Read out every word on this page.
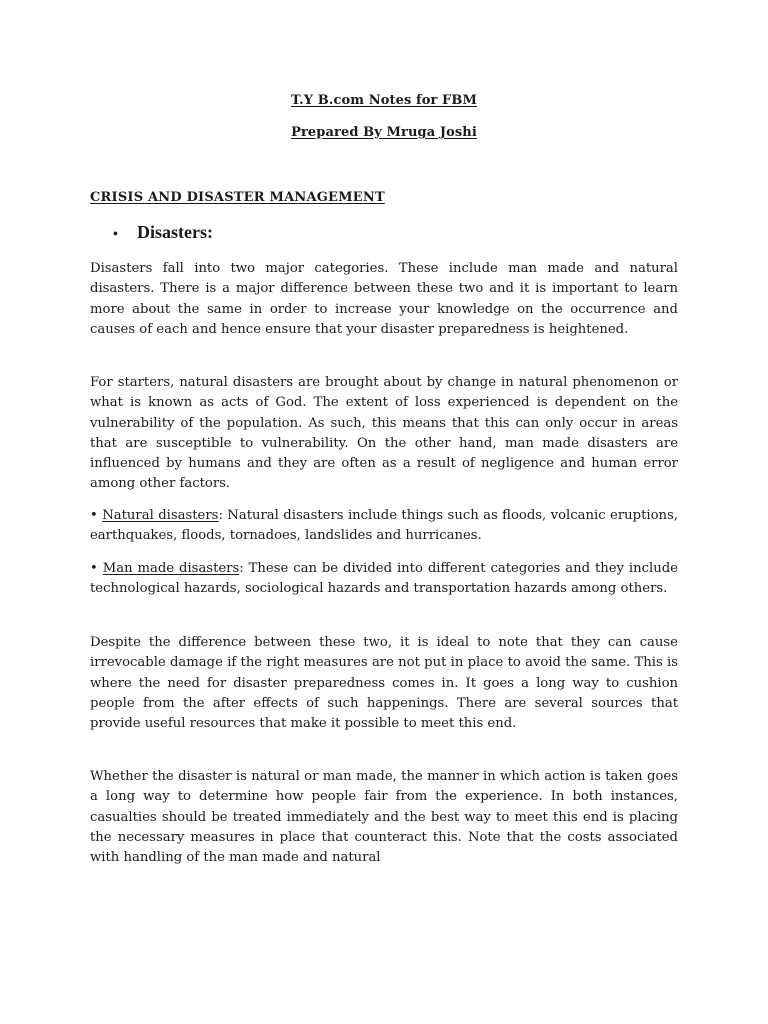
T.Y B.com Notes for FBM
Prepared By Mruga Joshi
CRISIS AND DISASTER MANAGEMENT
• Disasters:

Disasters fall into two major categories. These include man made and natural disasters. There is a major difference between these two and it is important to learn more about the same in order to increase your knowledge on the occurrence and causes of each and hence ensure that your disaster preparedness is heightened.

For starters, natural disasters are brought about by change in natural phenomenon or what is known as acts of God. The extent of loss experienced is dependent on the vulnerability of the population. As such, this means that this can only occur in areas that are susceptible to vulnerability. On the other hand, man made disasters are influenced by humans and they are often as a result of negligence and human error among other factors.

• Natural disasters: Natural disasters include things such as floods, volcanic eruptions, earthquakes, floods, tornadoes, landslides and hurricanes.

• Man made disasters: These can be divided into different categories and they include technological hazards, sociological hazards and transportation hazards among others.

Despite the difference between these two, it is ideal to note that they can cause irrevocable damage if the right measures are not put in place to avoid the same. This is where the need for disaster preparedness comes in. It goes a long way to cushion people from the after effects of such happenings. There are several sources that provide useful resources that make it possible to meet this end.

Whether the disaster is natural or man made, the manner in which action is taken goes a long way to determine how people fair from the experience. In both instances, casualties should be treated immediately and the best way to meet this end is placing the necessary measures in place that counteract this. Note that the costs associated with handling of the man made and natural
